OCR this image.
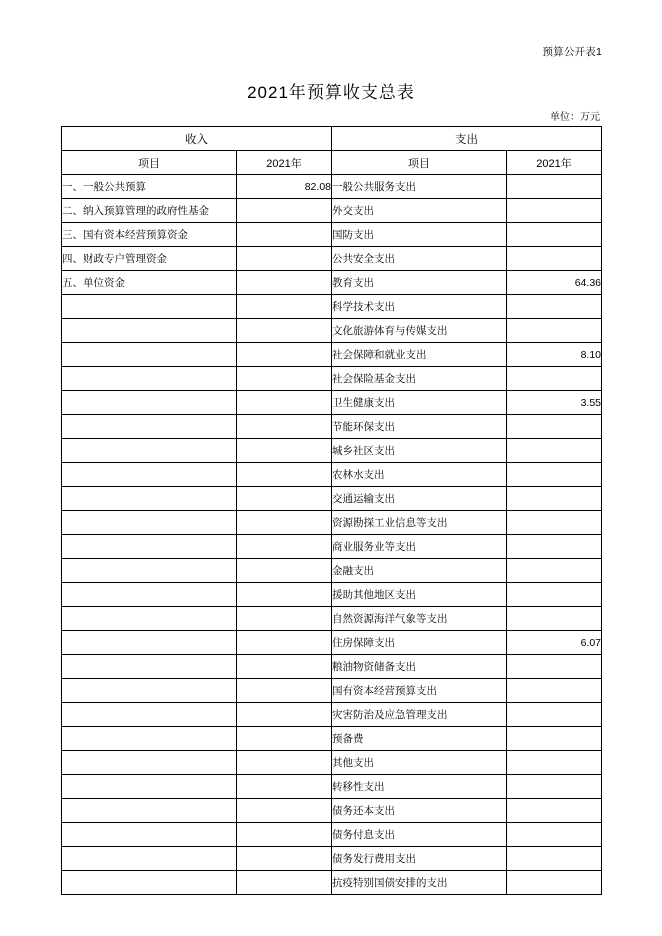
预算公开表1
2021年预算收支总表
单位：万元
收入		支出	
项目	2021年	项目	2021年
一、一般公共预算	82.08	一般公共服务支出	
二、纳入预算管理的政府性基金		外交支出	
三、国有资本经营预算资金		国防支出	
四、财政专户管理资金		公共安全支出	
五、单位资金		教育支出	64.36
		科学技术支出	
		文化旅游体育与传媒支出	
		社会保障和就业支出	8.10
		社会保险基金支出	
		卫生健康支出	3.55
		节能环保支出	
		城乡社区支出	
		农林水支出	
		交通运输支出	
		资源勘探工业信息等支出	
		商业服务业等支出	
		金融支出	
		援助其他地区支出	
		自然资源海洋气象等支出	
		住房保障支出	6.07
		粮油物资储备支出	
		国有资本经营预算支出	
		灾害防治及应急管理支出	
		预备费	
		其他支出	
		转移性支出	
		债务还本支出	
		债务付息支出	
		债务发行费用支出	
		抗疫特别国债安排的支出	
